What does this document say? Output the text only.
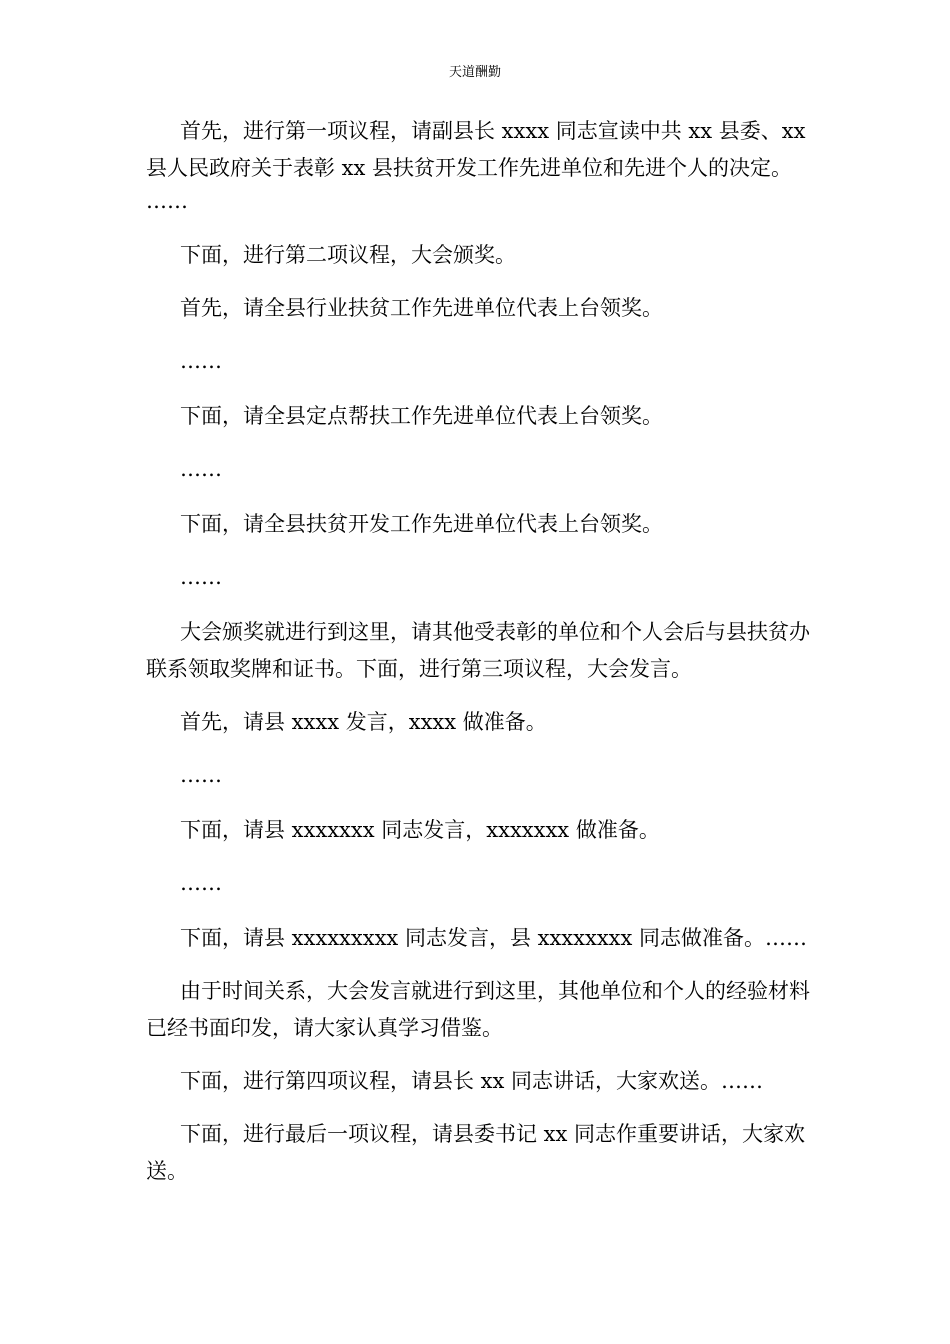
天道酬勤

首先，进行第一项议程，请副县长 xxxx 同志宣读中共 xx 县委、xx 县人民政府关于表彰 xx 县扶贫开发工作先进单位和先进个人的决定。

……

下面，进行第二项议程，大会颁奖。

首先，请全县行业扶贫工作先进单位代表上台领奖。

……

下面，请全县定点帮扶工作先进单位代表上台领奖。

……

下面，请全县扶贫开发工作先进单位代表上台领奖。

……

大会颁奖就进行到这里，请其他受表彰的单位和个人会后与县扶贫办联系领取奖牌和证书。下面，进行第三项议程，大会发言。

首先，请县 xxxx 发言，xxxx 做准备。

……

下面，请县 xxxxxxx 同志发言，xxxxxxx 做准备。

……

下面，请县 xxxxxxxxx 同志发言，县 xxxxxxxx 同志做准备。……

由于时间关系，大会发言就进行到这里，其他单位和个人的经验材料已经书面印发，请大家认真学习借鉴。

下面，进行第四项议程，请县长 xx 同志讲话，大家欢送。……

下面，进行最后一项议程，请县委书记 xx 同志作重要讲话，大家欢送。
